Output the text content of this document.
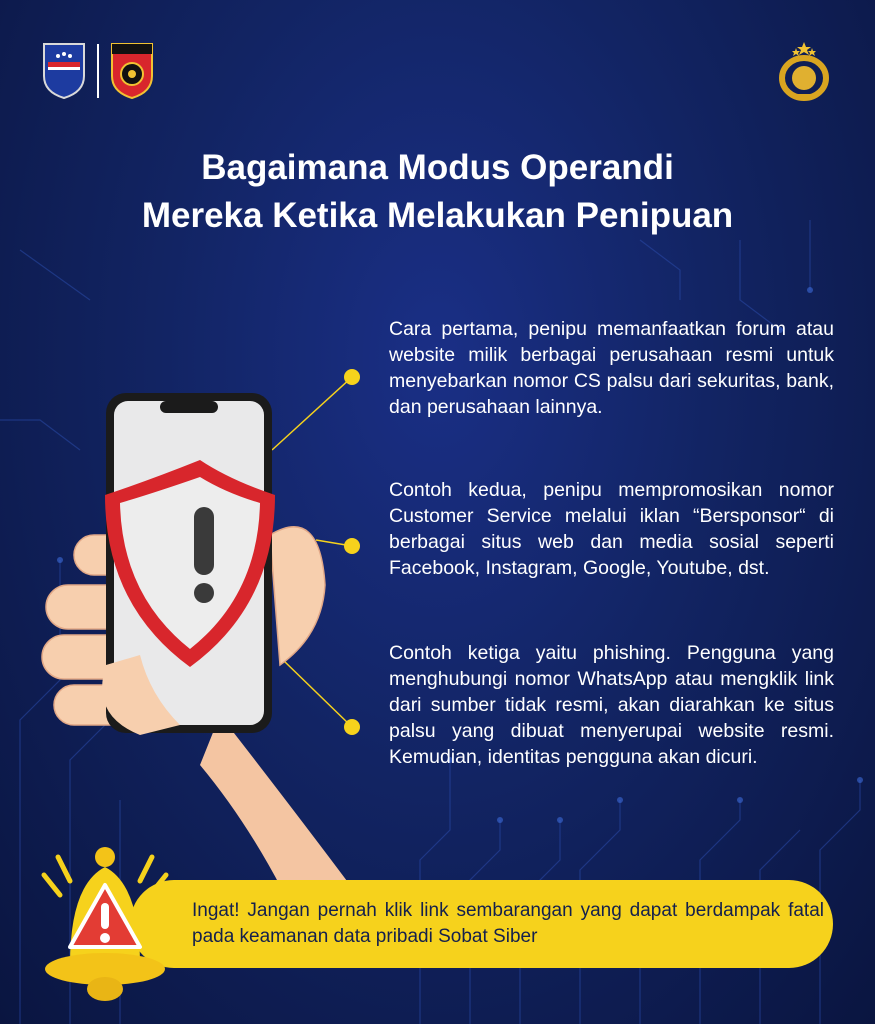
Bagaimana Modus Operandi
Mereka Ketika Melakukan Penipuan

Cara pertama, penipu memanfaatkan forum atau website milik berbagai perusahaan resmi untuk menyebarkan nomor CS palsu dari sekuritas, bank, dan perusahaan lainnya.

Contoh kedua, penipu mempromosikan nomor Customer Service melalui iklan “Bersponsor“ di berbagai situs web dan media sosial seperti Facebook, Instagram, Google, Youtube, dst.

Contoh ketiga yaitu phishing. Pengguna yang menghubungi nomor WhatsApp atau mengklik link dari sumber tidak resmi, akan diarahkan ke situs palsu yang dibuat menyerupai website resmi. Kemudian, identitas pengguna akan dicuri.

Ingat! Jangan pernah klik link sembarangan yang dapat berdampak fatal pada keamanan data pribadi Sobat Siber
